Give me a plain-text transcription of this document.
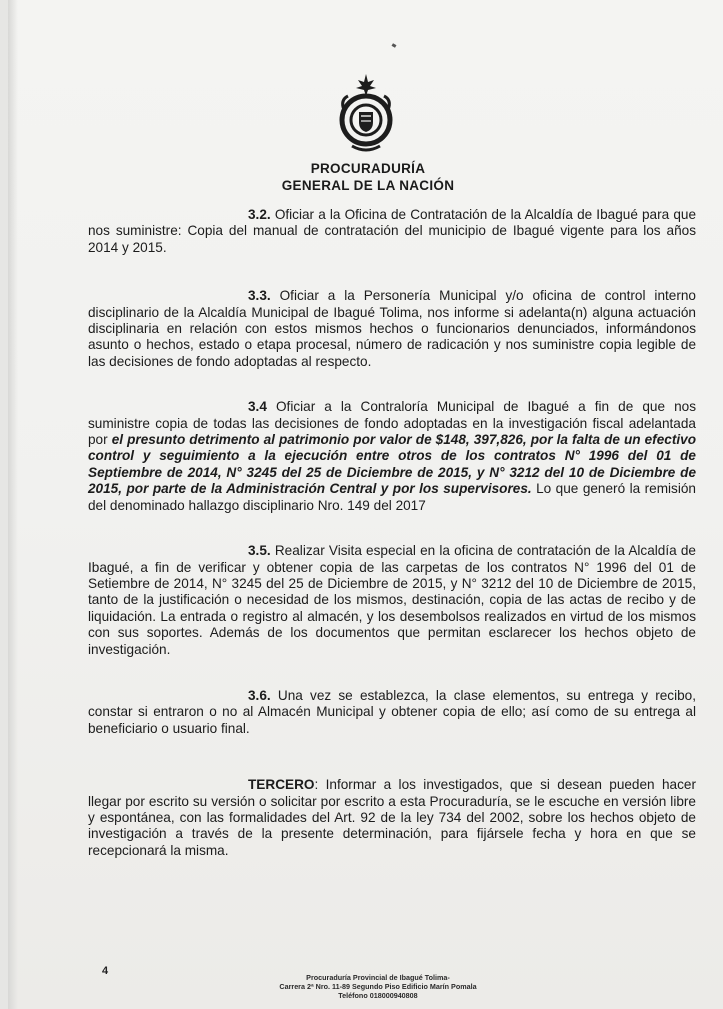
PROCURADURÍA
GENERAL DE LA NACIÓN

3.2. Oficiar a la Oficina de Contratación de la Alcaldía de Ibagué para que nos suministre: Copia del manual de contratación del municipio de Ibagué vigente para los años 2014 y 2015.

3.3. Oficiar a la Personería Municipal y/o oficina de control interno disciplinario de la Alcaldía Municipal de Ibagué Tolima, nos informe si adelanta(n) alguna actuación disciplinaria en relación con estos mismos hechos o funcionarios denunciados, informándonos asunto o hechos, estado o etapa procesal, número de radicación y nos suministre copia legible de las decisiones de fondo adoptadas al respecto.

3.4 Oficiar a la Contraloría Municipal de Ibagué a fin de que nos suministre copia de todas las decisiones de fondo adoptadas en la investigación fiscal adelantada por el presunto detrimento al patrimonio por valor de $148, 397,826, por la falta de un efectivo control y seguimiento a la ejecución entre otros de los contratos N° 1996 del 01 de Septiembre de 2014, N° 3245 del 25 de Diciembre de 2015, y N° 3212 del 10 de Diciembre de 2015, por parte de la Administración Central y por los supervisores. Lo que generó la remisión del denominado hallazgo disciplinario Nro. 149 del 2017

3.5. Realizar Visita especial en la oficina de contratación de la Alcaldía de Ibagué, a fin de verificar y obtener copia de las carpetas de los contratos N° 1996 del 01 de Setiembre de 2014, N° 3245 del 25 de Diciembre de 2015, y N° 3212 del 10 de Diciembre de 2015, tanto de la justificación o necesidad de los mismos, destinación, copia de las actas de recibo y de liquidación. La entrada o registro al almacén, y los desembolsos realizados en virtud de los mismos con sus soportes. Además de los documentos que permitan esclarecer los hechos objeto de investigación.

3.6. Una vez se establezca, la clase elementos, su entrega y recibo, constar si entraron o no al Almacén Municipal y obtener copia de ello; así como de su entrega al beneficiario o usuario final.

TERCERO: Informar a los investigados, que si desean pueden hacer llegar por escrito su versión o solicitar por escrito a esta Procuraduría, se le escuche en versión libre y espontánea, con las formalidades del Art. 92 de la ley 734 del 2002, sobre los hechos objeto de investigación a través de la presente determinación, para fijársele fecha y hora en que se recepcionará la misma.

4
Procuraduría Provincial de Ibagué Tolima-
Carrera 2ª Nro. 11-89 Segundo Piso Edificio Marín Pomala
Teléfono 018000940808
